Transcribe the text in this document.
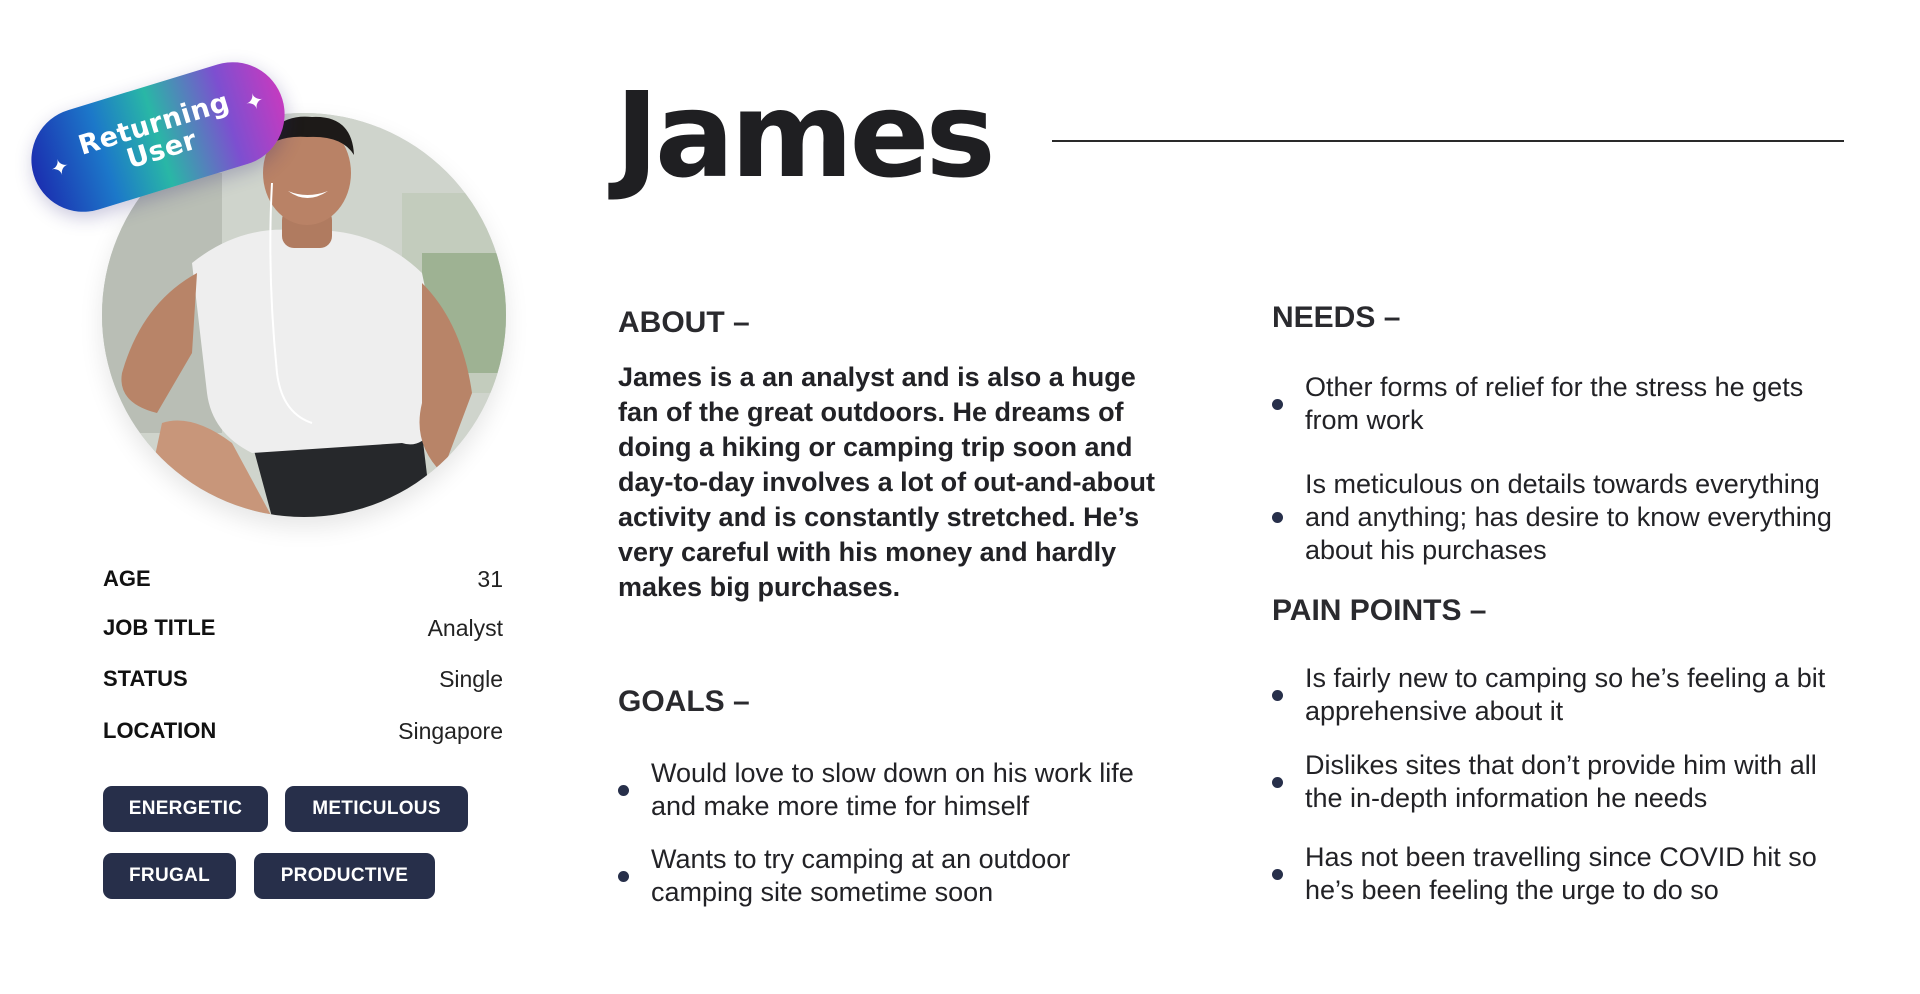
✦
Returning
User
✦
AGE	31
JOB TITLE	Analyst
STATUS	Single
LOCATION	Singapore
ENERGETIC	METICULOUS
FRUGAL	PRODUCTIVE
James
ABOUT –
James is a an analyst and is also a huge fan of the great outdoors. He dreams of doing a hiking or camping trip soon and day-to-day involves a lot of out-and-about activity and is constantly stretched. He’s very careful with his money and hardly makes big purchases.
GOALS –
Would love to slow down on his work life and make more time for himself
Wants to try camping at an outdoor camping site sometime soon
NEEDS –
Other forms of relief for the stress he gets from work
Is meticulous on details towards everything and anything; has desire to know everything about his purchases
PAIN POINTS –
Is fairly new to camping so he’s feeling a bit apprehensive about it
Dislikes sites that don’t provide him with all the in-depth information he needs
Has not been travelling since COVID hit so he’s been feeling the urge to do so
